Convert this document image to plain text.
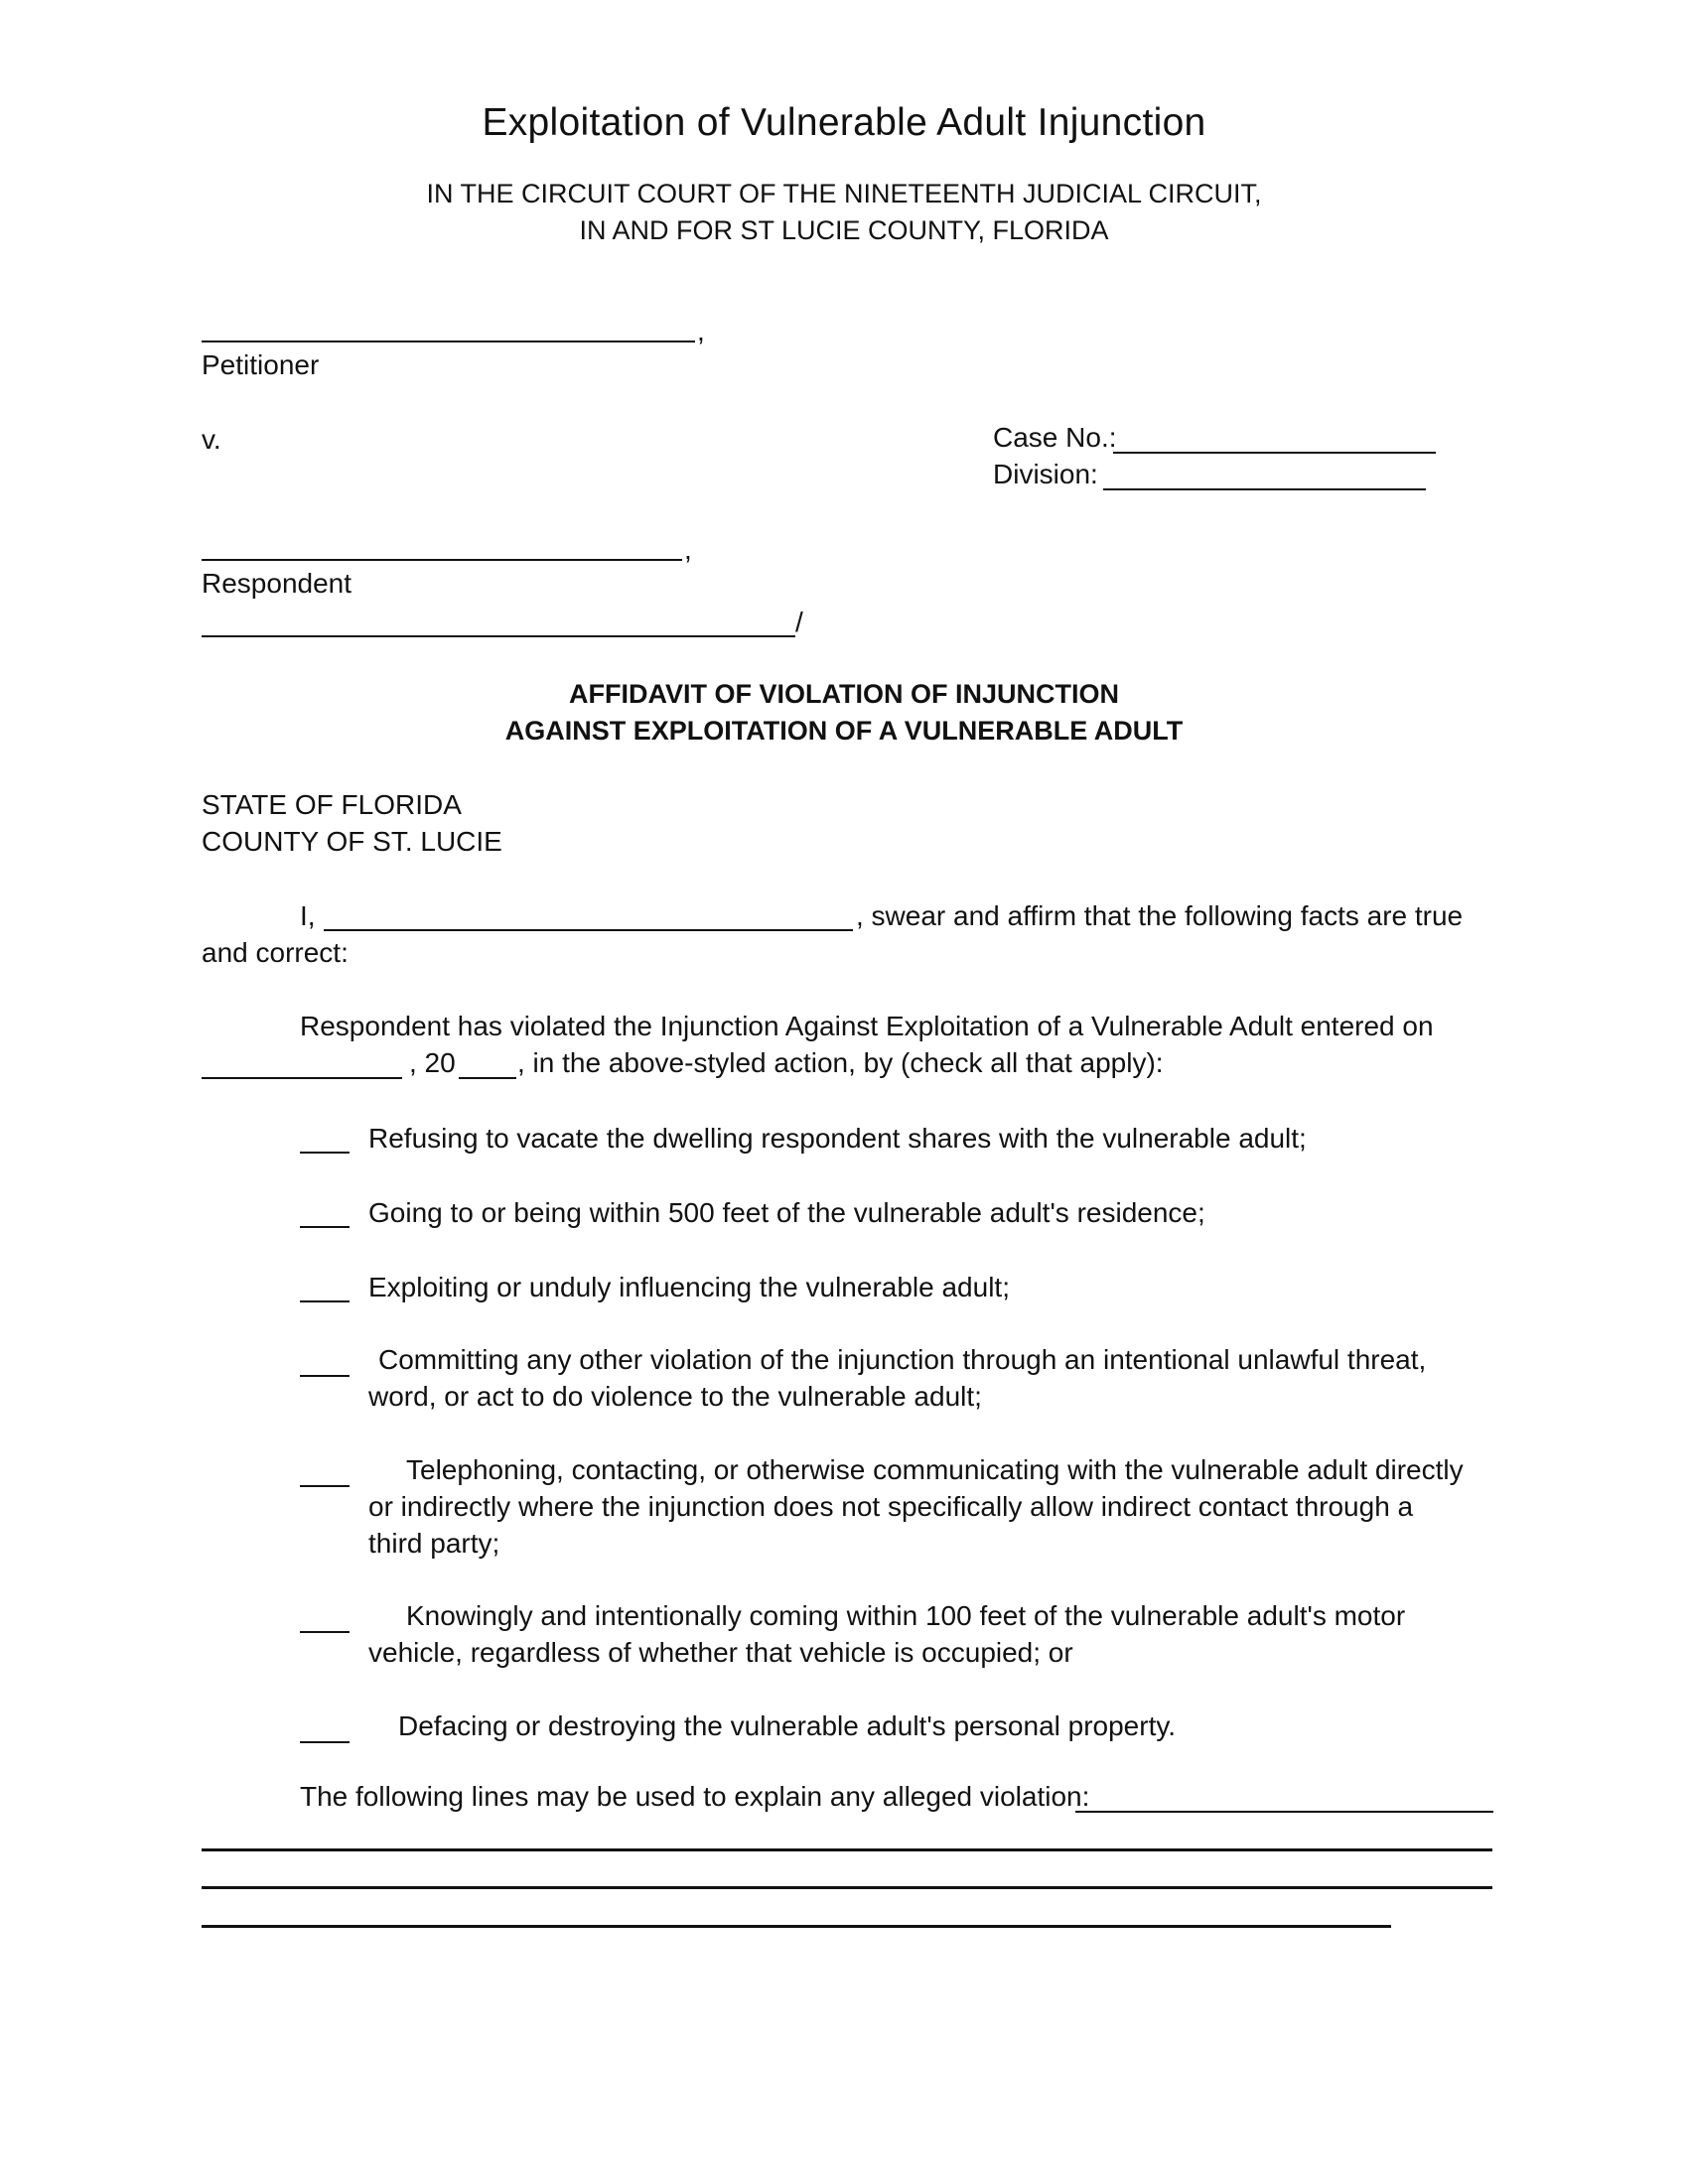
Exploitation of Vulnerable Adult Injunction
IN THE CIRCUIT COURT OF THE NINETEENTH JUDICIAL CIRCUIT,
IN AND FOR ST LUCIE COUNTY, FLORIDA
,
Petitioner
v.	Case No.:
Division:
,
Respondent
/
AFFIDAVIT OF VIOLATION OF INJUNCTION
AGAINST EXPLOITATION OF A VULNERABLE ADULT
STATE OF FLORIDA
COUNTY OF ST. LUCIE
I,	, swear and affirm that the following facts are true
and correct:
Respondent has violated the Injunction Against Exploitation of a Vulnerable Adult entered on
, 20 , in the above-styled action, by (check all that apply):
Refusing to vacate the dwelling respondent shares with the vulnerable adult;
Going to or being within 500 feet of the vulnerable adult's residence;
Exploiting or unduly influencing the vulnerable adult;
Committing any other violation of the injunction through an intentional unlawful threat,
word, or act to do violence to the vulnerable adult;
Telephoning, contacting, or otherwise communicating with the vulnerable adult directly
or indirectly where the injunction does not specifically allow indirect contact through a
third party;
Knowingly and intentionally coming within 100 feet of the vulnerable adult's motor
vehicle, regardless of whether that vehicle is occupied; or
Defacing or destroying the vulnerable adult's personal property.
The following lines may be used to explain any alleged violation:
